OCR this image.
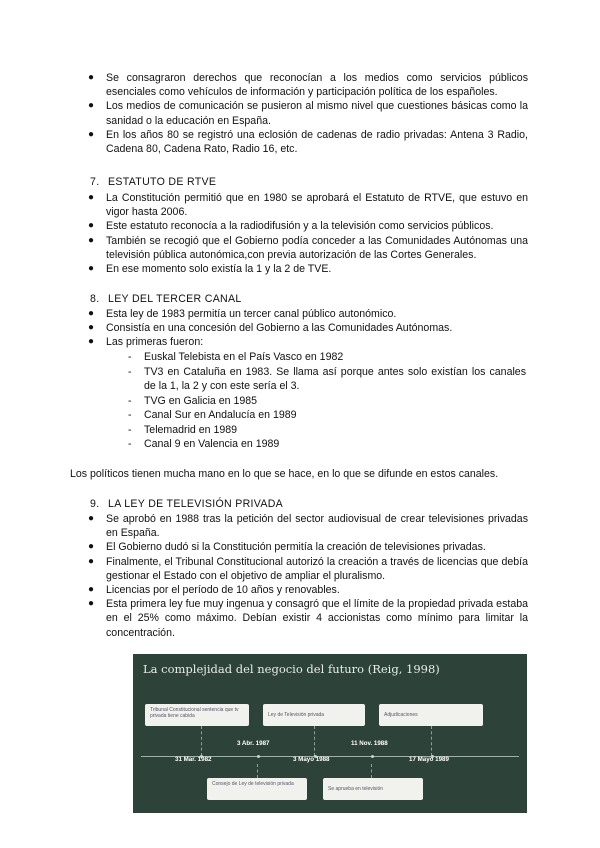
● Se consagraron derechos que reconocían a los medios como servicios públicos esenciales como vehículos de información y participación política de los españoles.
● Los medios de comunicación se pusieron al mismo nivel que cuestiones básicas como la sanidad o la educación en España.
● En los años 80 se registró una eclosión de cadenas de radio privadas: Antena 3 Radio, Cadena 80, Cadena Rato, Radio 16, etc.
7. ESTATUTO DE RTVE
● La Constitución permitió que en 1980 se aprobará el Estatuto de RTVE, que estuvo en vigor hasta 2006.
● Este estatuto reconocía a la radiodifusión y a la televisión como servicios públicos.
● También se recogió que el Gobierno podía conceder a las Comunidades Autónomas una televisión pública autonómica,con previa autorización de las Cortes Generales.
● En ese momento solo existía la 1 y la 2 de TVE.
8. LEY DEL TERCER CANAL
● Esta ley de 1983 permitía un tercer canal público autonómico.
● Consistía en una concesión del Gobierno a las Comunidades Autónomas.
● Las primeras fueron:
- Euskal Telebista en el País Vasco en 1982
- TV3 en Cataluña en 1983. Se llama así porque antes solo existían los canales de la 1, la 2 y con este sería el 3.
- TVG en Galicia en 1985
- Canal Sur en Andalucía en 1989
- Telemadrid en 1989
- Canal 9 en Valencia en 1989
Los políticos tienen mucha mano en lo que se hace, en lo que se difunde en estos canales.
9. LA LEY DE TELEVISIÓN PRIVADA
● Se aprobó en 1988 tras la petición del sector audiovisual de crear televisiones privadas en España.
● El Gobierno dudó si la Constitución permitía la creación de televisiones privadas.
● Finalmente, el Tribunal Constitucional autorizó la creación a través de licencias que debía gestionar el Estado con el objetivo de ampliar el pluralismo.
● Licencias por el período de 10 años y renovables.
● Esta primera ley fue muy ingenua y consagró que el límite de la propiedad privada estaba en el 25% como máximo. Debían existir 4 accionistas como mínimo para limitar la concentración.
La complejidad del negocio del futuro (Reig, 1998)
Tribunal Constitucional sentencia que tv privada tiene cabida	Ley de Televisión privada	Adjudicaciones
3 Abr. 1987	11 Nov. 1988
31 Mar. 1982	3 Mayo 1988	17 Mayo 1989
Consejo de Ley de televisión privada
Se aprueba en televisión
